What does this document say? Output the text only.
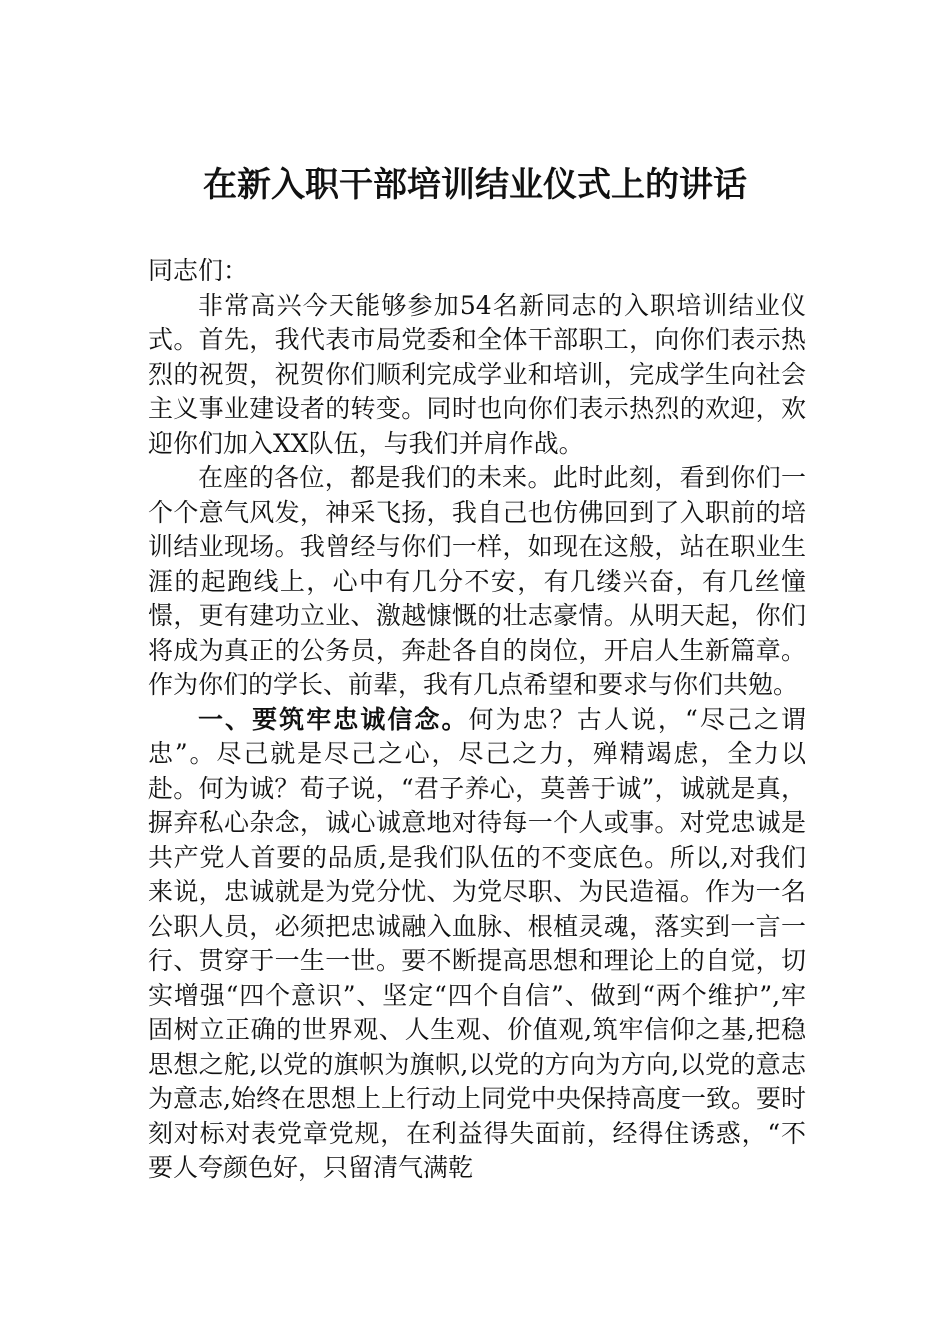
在新入职干部培训结业仪式上的讲话

同志们：

非常高兴今天能够参加54名新同志的入职培训结业仪式。首先，我代表市局党委和全体干部职工，向你们表示热烈的祝贺，祝贺你们顺利完成学业和培训，完成学生向社会主义事业建设者的转变。同时也向你们表示热烈的欢迎，欢迎你们加入XX队伍，与我们并肩作战。

在座的各位，都是我们的未来。此时此刻，看到你们一个个意气风发，神采飞扬，我自己也仿佛回到了入职前的培训结业现场。我曾经与你们一样，如现在这般，站在职业生涯的起跑线上，心中有几分不安，有几缕兴奋，有几丝憧憬，更有建功立业、激越慷慨的壮志豪情。从明天起，你们将成为真正的公务员，奔赴各自的岗位，开启人生新篇章。作为你们的学长、前辈，我有几点希望和要求与你们共勉。

一、要筑牢忠诚信念。何为忠？古人说，“尽己之谓忠”。尽己就是尽己之心，尽己之力，殚精竭虑，全力以赴。何为诚？荀子说，“君子养心，莫善于诚”，诚就是真，摒弃私心杂念，诚心诚意地对待每一个人或事。对党忠诚是共产党人首要的品质,是我们队伍的不变底色。所以,对我们来说，忠诚就是为党分忧、为党尽职、为民造福。作为一名公职人员，必须把忠诚融入血脉、根植灵魂，落实到一言一行、贯穿于一生一世。要不断提高思想和理论上的自觉，切实增强“四个意识”、坚定“四个自信”、做到“两个维护”,牢固树立正确的世界观、人生观、价值观,筑牢信仰之基,把稳思想之舵,以党的旗帜为旗帜,以党的方向为方向,以党的意志为意志,始终在思想上上行动上同党中央保持高度一致。要时刻对标对表党章党规，在利益得失面前，经得住诱惑，“不要人夸颜色好，只留清气满乾
